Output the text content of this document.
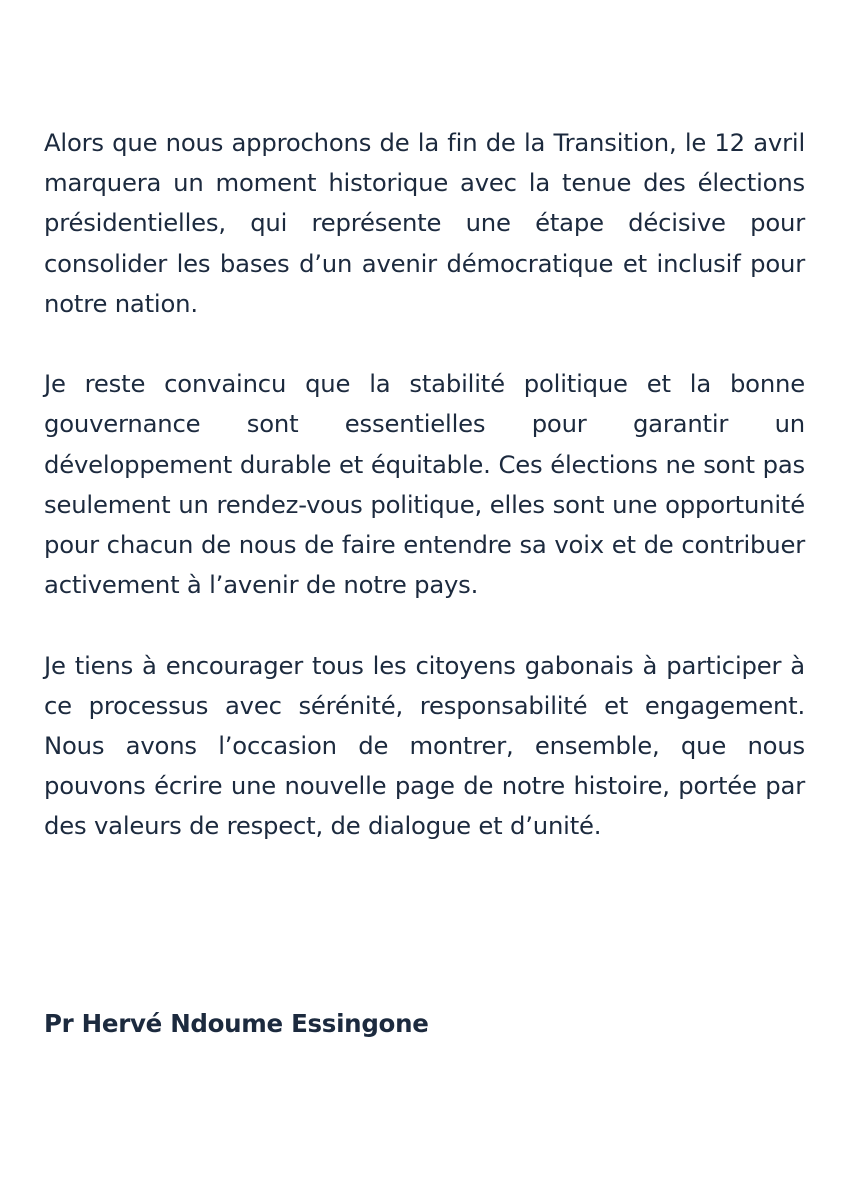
Alors que nous approchons de la fin de la Transition, le 12 avril marquera un moment historique avec la tenue des élections présidentielles, qui représente une étape décisive pour consolider les bases d’un avenir démocratique et inclusif pour notre nation.

Je reste convaincu que la stabilité politique et la bonne gouvernance sont essentielles pour garantir un développement durable et équitable. Ces élections ne sont pas seulement un rendez-vous politique, elles sont une opportunité pour chacun de nous de faire entendre sa voix et de contribuer activement à l’avenir de notre pays.

Je tiens à encourager tous les citoyens gabonais à participer à ce processus avec sérénité, responsabilité et engagement. Nous avons l’occasion de montrer, ensemble, que nous pouvons écrire une nouvelle page de notre histoire, portée par des valeurs de respect, de dialogue et d’unité.

Pr Hervé Ndoume Essingone
